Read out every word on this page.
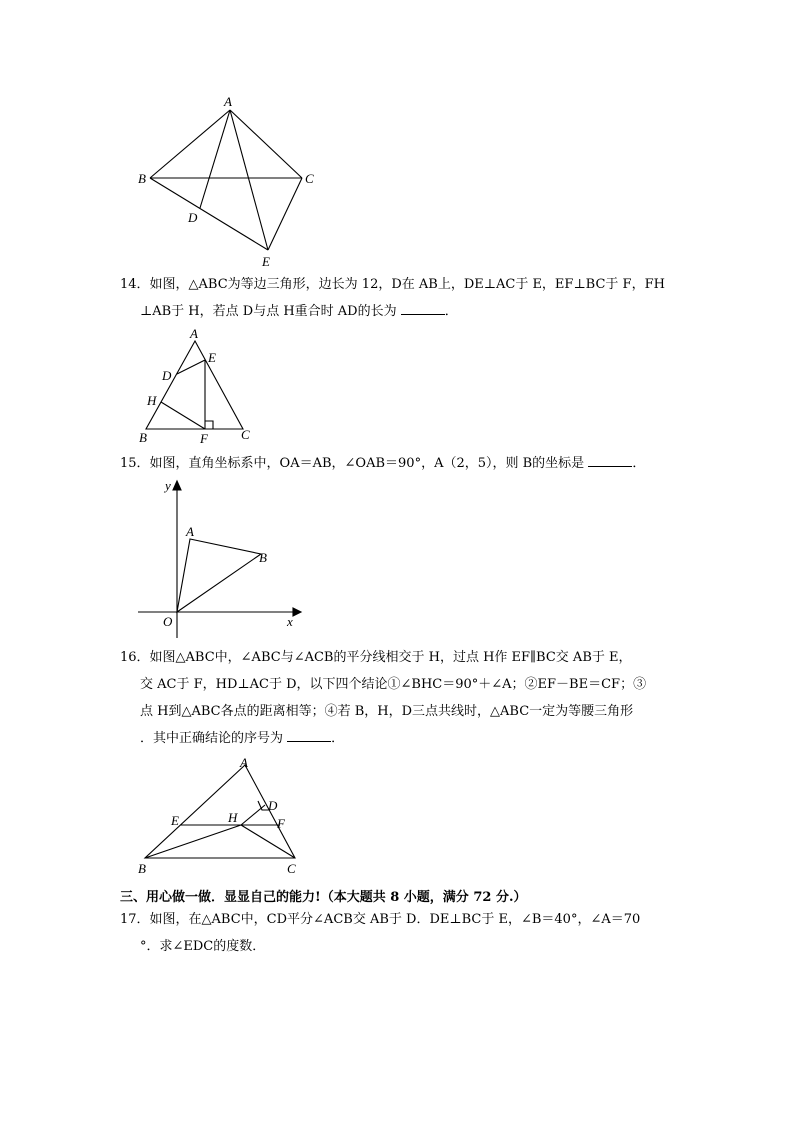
A
B	C
D
E
14．如图，△ABC为等边三角形，边长为 12，D在 AB上，DE⊥AC于 E，EF⊥BC于 F，FH
⊥AB于 H，若点 D与点 H重合时 AD的长为	．
A
E
D
H
B	F	C
15．如图，直角坐标系中，OA＝AB，∠OAB＝90°，A（2，5），则 B的坐标是	．
y
x
O
A
B
16．如图△ABC中，∠ABC与∠ACB的平分线相交于 H，过点 H作 EF∥BC交 AB于 E，
交 AC于 F，HD⊥AC于 D，以下四个结论①∠BHC＝90°＋∠A；②EF－BE＝CF；③
点 H到△ABC各点的距离相等；④若 B，H，D三点共线时，△ABC一定为等腰三角形
．其中正确结论的序号为	．
A
D
E	H	F
B	C
三、用心做一做．显显自己的能力!（本大题共 8 小题，满分 72 分.）
17．如图，在△ABC中，CD平分∠ACB交 AB于 D．DE⊥BC于 E，∠B＝40°，∠A＝70
°．求∠EDC的度数．
